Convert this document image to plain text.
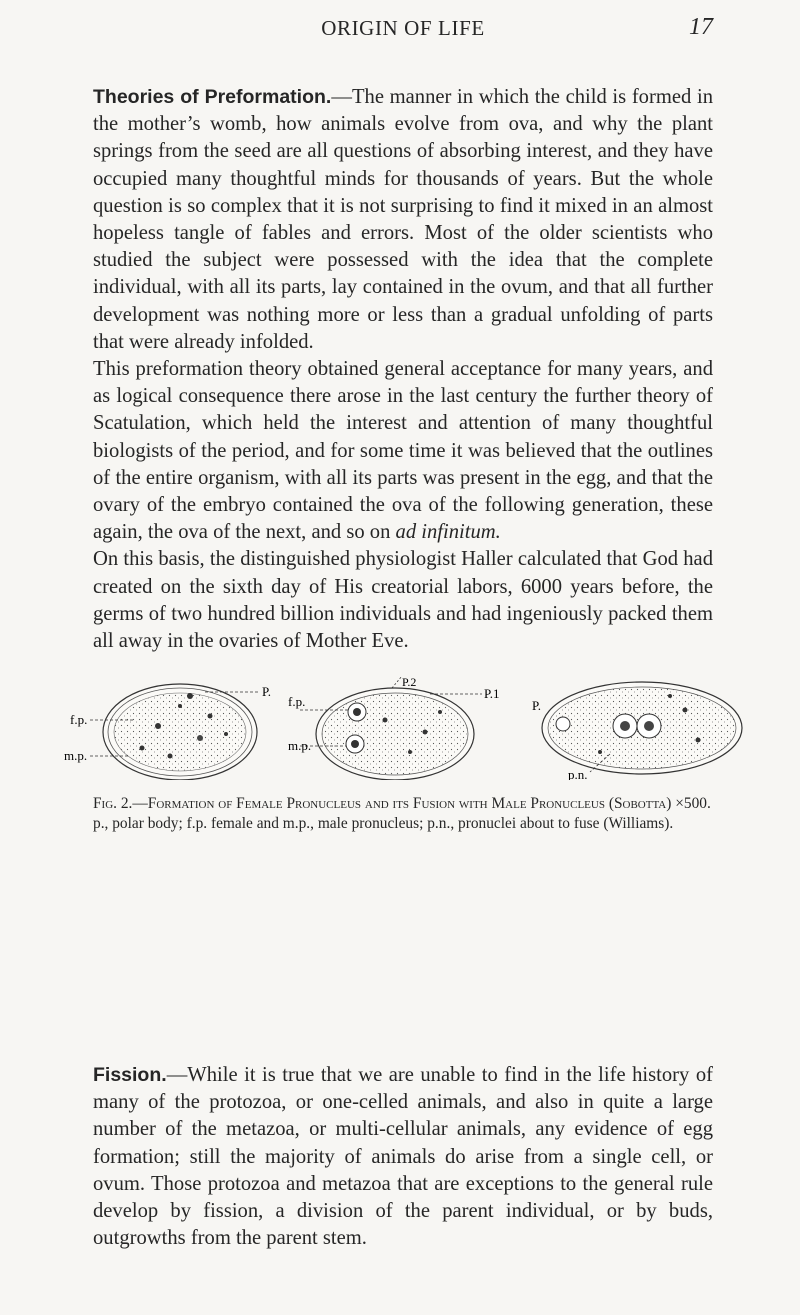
ORIGIN OF LIFE	17

Theories of Preformation.—The manner in which the child is formed in the mother’s womb, how animals evolve from ova, and why the plant springs from the seed are all questions of absorbing interest, and they have occupied many thoughtful minds for thousands of years. But the whole question is so complex that it is not surprising to find it mixed in an almost hopeless tangle of fables and errors. Most of the older scientists who studied the subject were possessed with the idea that the complete individual, with all its parts, lay contained in the ovum, and that all further development was nothing more or less than a gradual unfolding of parts that were already infolded.

This preformation theory obtained general acceptance for many years, and as logical consequence there arose in the last century the further theory of Scatulation, which held the interest and attention of many thoughtful biologists of the period, and for some time it was believed that the outlines of the entire organism, with all its parts was present in the egg, and that the ovary of the embryo contained the ova of the following generation, these again, the ova of the next, and so on ad infinitum.

On this basis, the distinguished physiologist Haller calculated that God had created on the sixth day of His creatorial labors, 6000 years before, the germs of two hundred billion individuals and had ingeniously packed them all away in the ovaries of Mother Eve.

P.
f.p.
m.p.
P.2
P.1
f.p.
m.p.
P.
p.n.
Fig. 2.—Formation of Female Pronucleus and its Fusion with Male Pronucleus (Sobotta) ×500. p., polar body; f.p. female and m.p., male pronucleus; p.n., pronuclei about to fuse (Williams).

Fission.—While it is true that we are unable to find in the life history of many of the protozoa, or one-celled animals, and also in quite a large number of the metazoa, or multi-cellular animals, any evidence of egg formation; still the majority of animals do arise from a single cell, or ovum. Those protozoa and metazoa that are exceptions to the general rule develop by fission, a division of the parent individual, or by buds, outgrowths from the parent stem.
